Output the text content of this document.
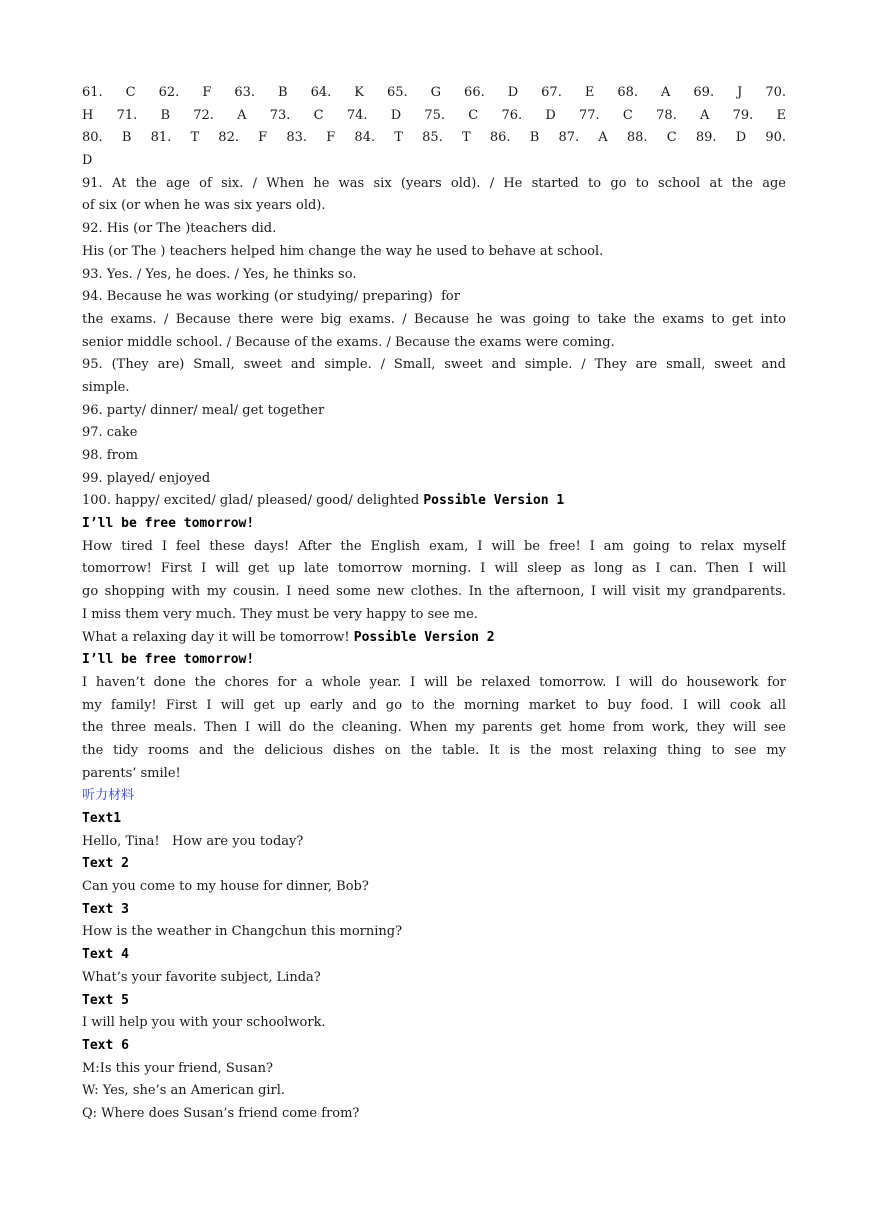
61. C 62. F 63. B 64. K 65. G 66. D 67. E 68. A 69. J 70.
H 71. B 72. A 73. C 74. D 75. C 76. D 77. C 78. A 79. E
80. B 81. T 82. F 83. F 84. T 85. T 86. B 87. A 88. C 89. D 90.
D
91. At the age of six. / When he was six (years old). / He started to go to school at the age
of six (or when he was six years old).
92. His (or The )teachers did.
His (or The ) teachers helped him change the way he used to behave at school.
93. Yes. / Yes, he does. / Yes, he thinks so.
94. Because he was working (or studying/ preparing)  for
the exams. / Because there were big exams. / Because he was going to take the exams to get into
senior middle school. / Because of the exams. / Because the exams were coming.
95. (They are) Small, sweet and simple. / Small, sweet and simple. / They are small, sweet and
simple.
96. party/ dinner/ meal/ get together
97. cake
98. from
99. played/ enjoyed
100. happy/ excited/ glad/ pleased/ good/ delighted Possible Version 1
I’ll be free tomorrow!
How tired I feel these days! After the English exam, I will be free! I am going to relax myself
tomorrow! First I will get up late tomorrow morning. I will sleep as long as I can. Then I will
go shopping with my cousin. I need some new clothes. In the afternoon, I will visit my grandparents.
I miss them very much. They must be very happy to see me.
What a relaxing day it will be tomorrow! Possible Version 2
I’ll be free tomorrow!
I haven’t done the chores for a whole year. I will be relaxed tomorrow. I will do housework for
my family! First I will get up early and go to the morning market to buy food. I will cook all
the three meals. Then I will do the cleaning. When my parents get home from work, they will see
the tidy rooms and the delicious dishes on the table. It is the most relaxing thing to see my
parents’ smile!
听力材料
Text1
Hello, Tina!   How are you today?
Text 2
Can you come to my house for dinner, Bob?
Text 3
How is the weather in Changchun this morning?
Text 4
What’s your favorite subject, Linda?
Text 5
I will help you with your schoolwork.
Text 6
M:Is this your friend, Susan?
W: Yes, she’s an American girl.
Q: Where does Susan’s friend come from?
